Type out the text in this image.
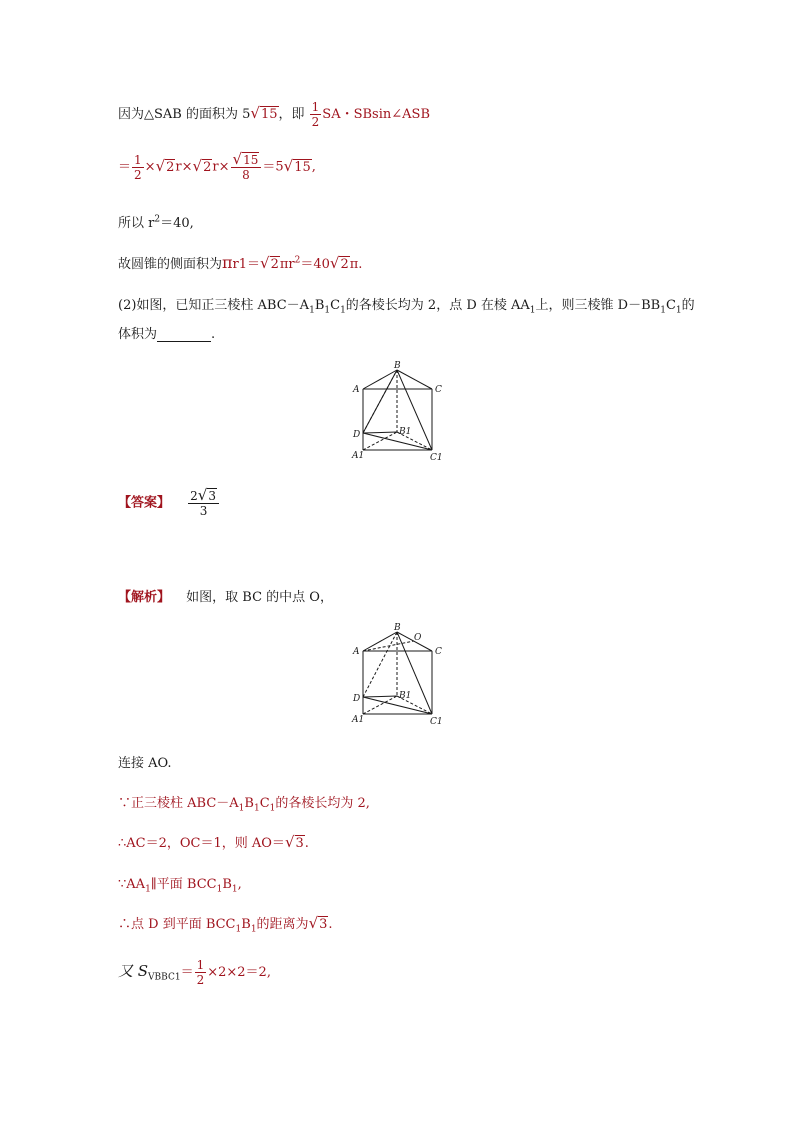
因为△SAB 的面积为 5√15，即 $\frac{1}{2}$ SA・SBsin∠ASB
＝ $\frac{1}{2} \times√2r\times√2r\times \frac{√15}{8} =5√15$,
所以 $r^2=40$,
故圆锥的侧面积为$\pi r1=√2\pi r^2=40√2\pi$.
(2)如图，已知正三棱柱 $ABC-A_1B_1C_1$的各棱长均为 2，点 D 在棱 $AA_1$上，则三棱锥 $D-BB_1C_1$的
体积为	.
B
A	C
D	B1
A1	C1
【答案】 $\frac{2√3}{3}$
【解析】 如图，取 BC 的中点 O，
B
O
A	C
D	B1
A1	C1
连接 AO.
∵正三棱柱 $ABC-A_1B_1C_1$的各棱长均为 2,
∴AC＝2，OC＝1，则 AO＝√3.
$\because AA_1\parallel$平面 $BCC_1B_1$,
∴点 D 到平面 $BCC_1B_1$的距离为√3.
又 $S_{VBBC1}= \frac{1}{2} \times 2\times 2=2$,
